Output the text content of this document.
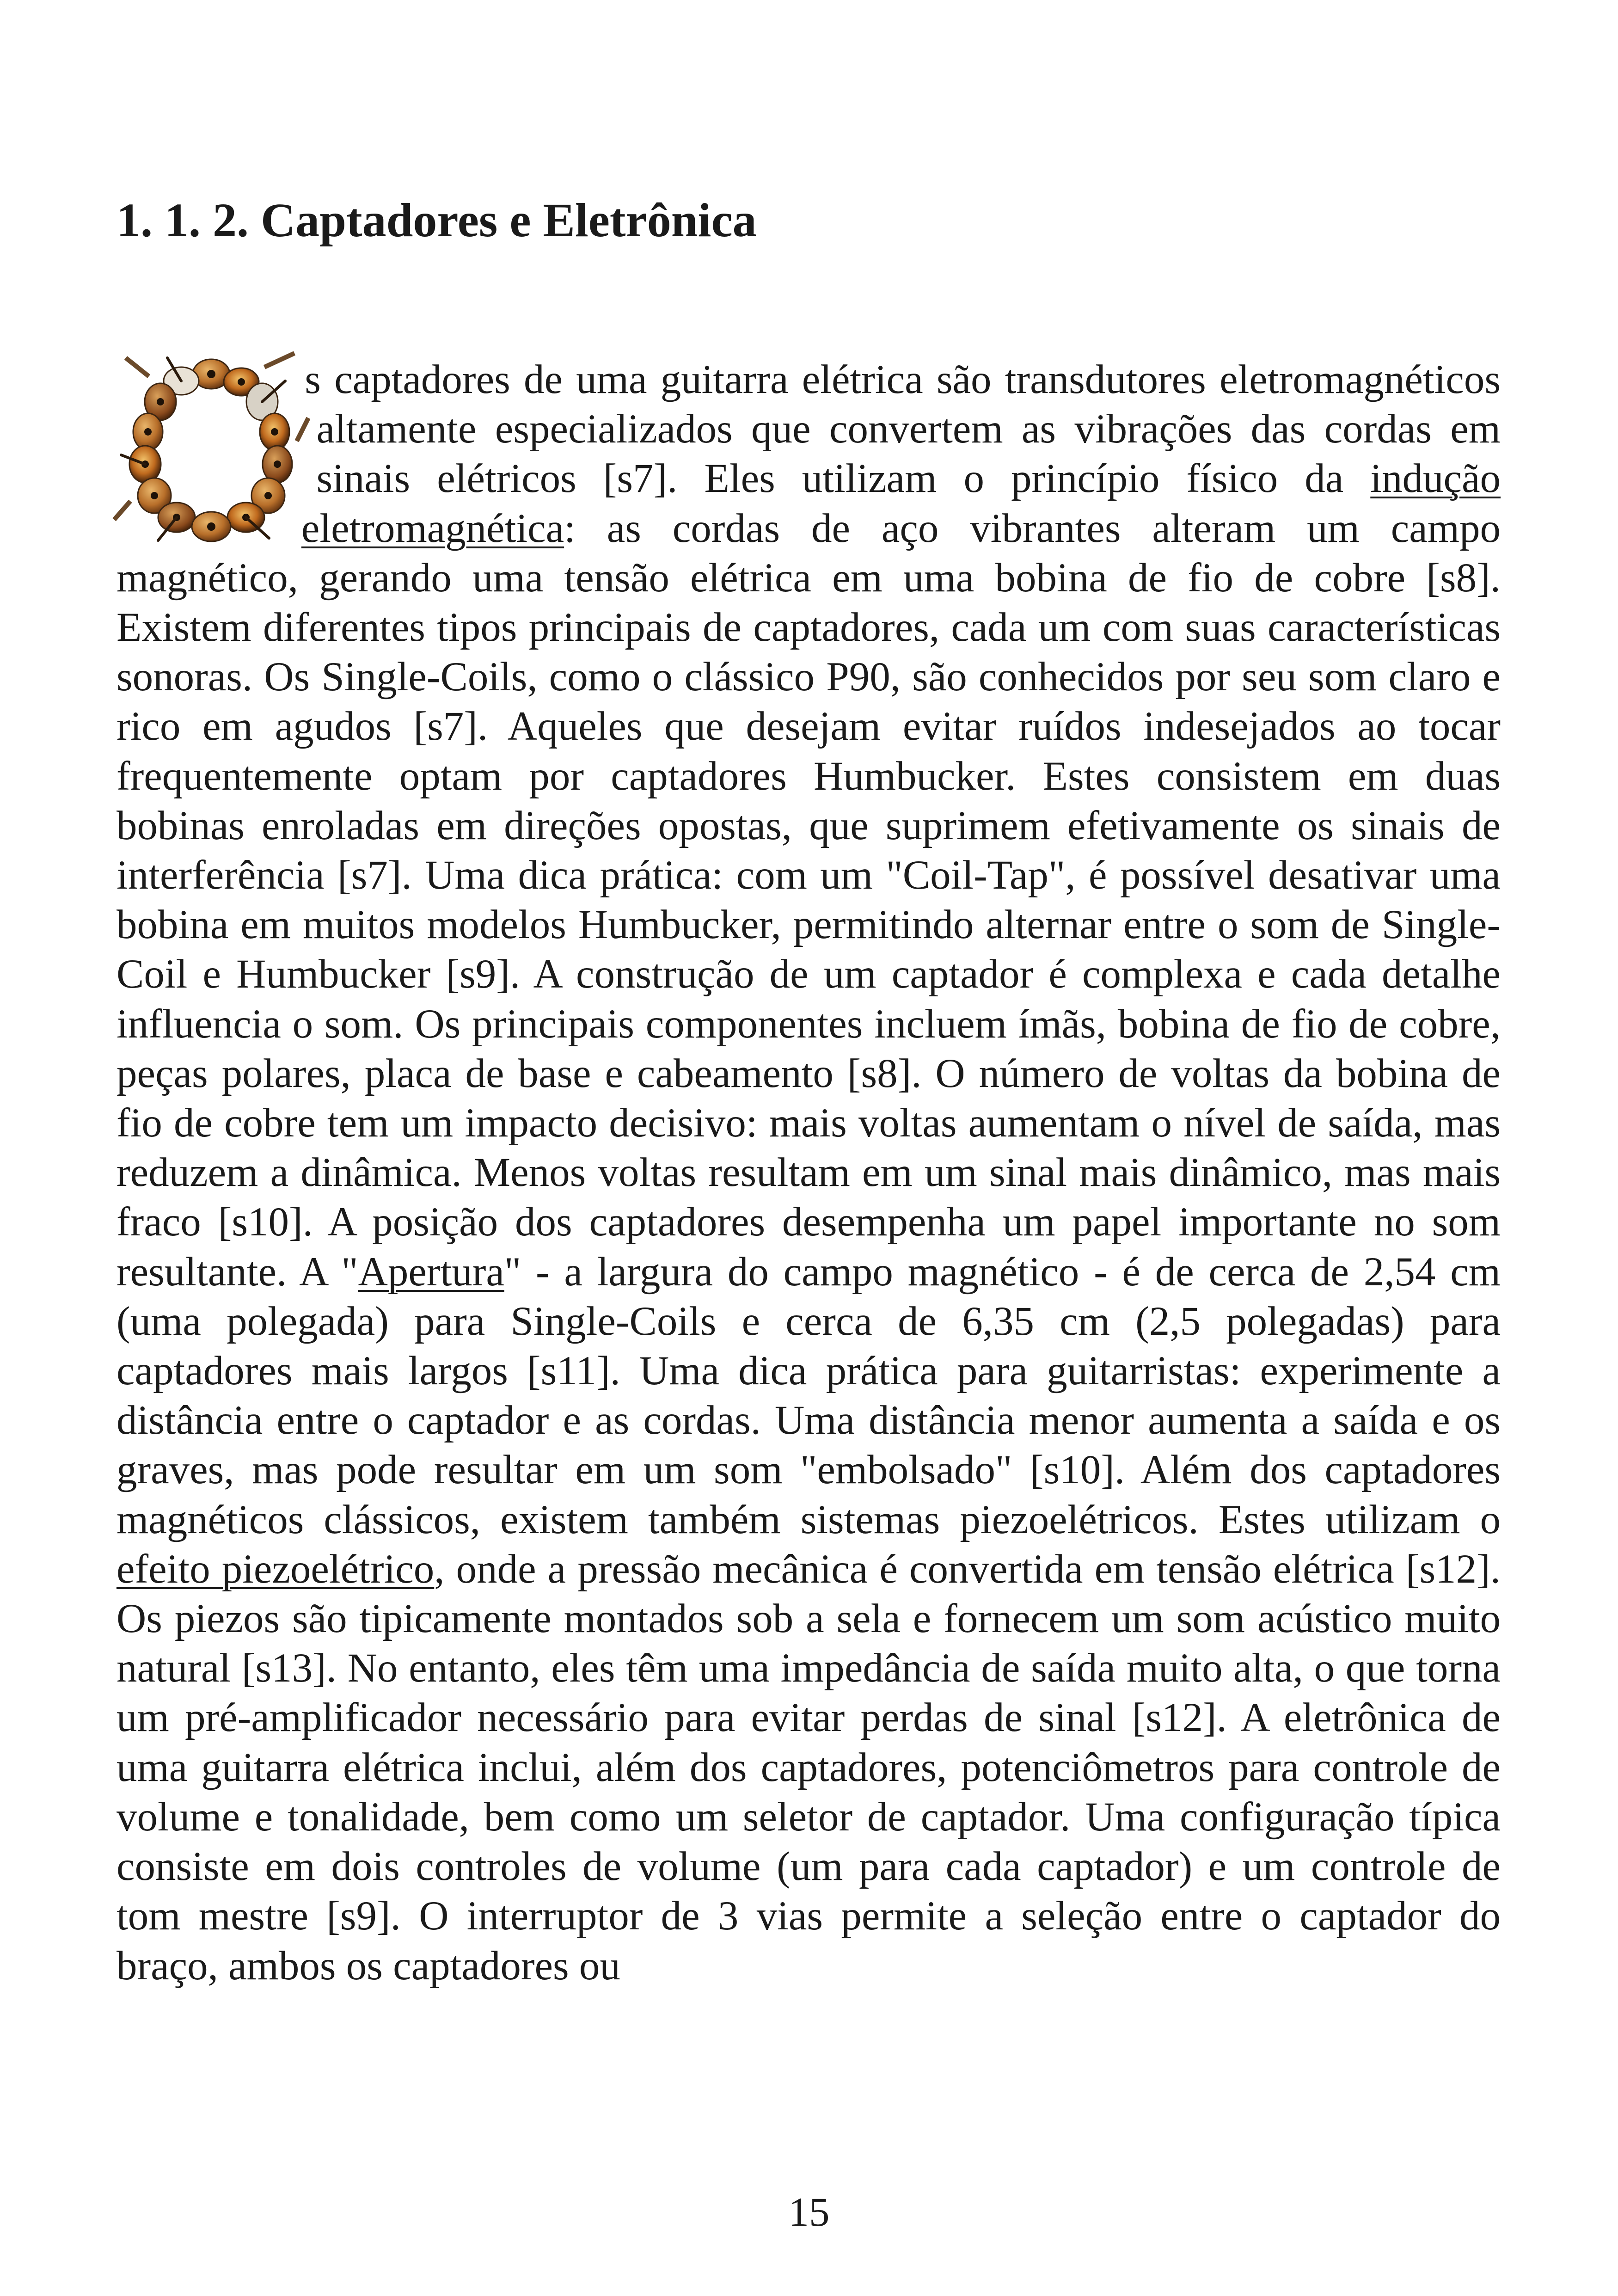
1. 1. 2. Captadores e Eletrônica

s captadores de uma guitarra elétrica são transdutores eletromagnéticos altamente especializados que convertem as vibrações das cordas em sinais elétricos [s7]. Eles utilizam o princípio físico da indução eletromagnética: as cordas de aço vibrantes alteram um campo magnético, gerando uma tensão elétrica em uma bobina de fio de cobre [s8]. Existem diferentes tipos principais de captadores, cada um com suas características sonoras. Os Single-Coils, como o clássico P90, são conhecidos por seu som claro e rico em agudos [s7]. Aqueles que desejam evitar ruídos indesejados ao tocar frequentemente optam por captadores Humbucker. Estes consistem em duas bobinas enroladas em direções opostas, que suprimem efetivamente os sinais de interferência [s7]. Uma dica prática: com um "Coil-Tap", é possível desativar uma bobina em muitos modelos Humbucker, permitindo alternar entre o som de Single-Coil e Humbucker [s9]. A construção de um captador é complexa e cada detalhe influencia o som. Os principais componentes incluem ímãs, bobina de fio de cobre, peças polares, placa de base e cabeamento [s8]. O número de voltas da bobina de fio de cobre tem um impacto decisivo: mais voltas aumentam o nível de saída, mas reduzem a dinâmica. Menos voltas resultam em um sinal mais dinâmico, mas mais fraco [s10]. A posição dos captadores desempenha um papel importante no som resultante. A "Apertura" - a largura do campo magnético - é de cerca de 2,54 cm (uma polegada) para Single-Coils e cerca de 6,35 cm (2,5 polegadas) para captadores mais largos [s11]. Uma dica prática para guitarristas: experimente a distância entre o captador e as cordas. Uma distância menor aumenta a saída e os graves, mas pode resultar em um som "embolsado" [s10]. Além dos captadores magnéticos clássicos, existem também sistemas piezoelétricos. Estes utilizam o efeito piezoelétrico, onde a pressão mecânica é convertida em tensão elétrica [s12]. Os piezos são tipicamente montados sob a sela e fornecem um som acústico muito natural [s13]. No entanto, eles têm uma impedância de saída muito alta, o que torna um pré-amplificador necessário para evitar perdas de sinal [s12]. A eletrônica de uma guitarra elétrica inclui, além dos captadores, potenciômetros para controle de volume e tonalidade, bem como um seletor de captador. Uma configuração típica consiste em dois controles de volume (um para cada captador) e um controle de tom mestre [s9]. O interruptor de 3 vias permite a seleção entre o captador do braço, ambos os captadores ou

15
